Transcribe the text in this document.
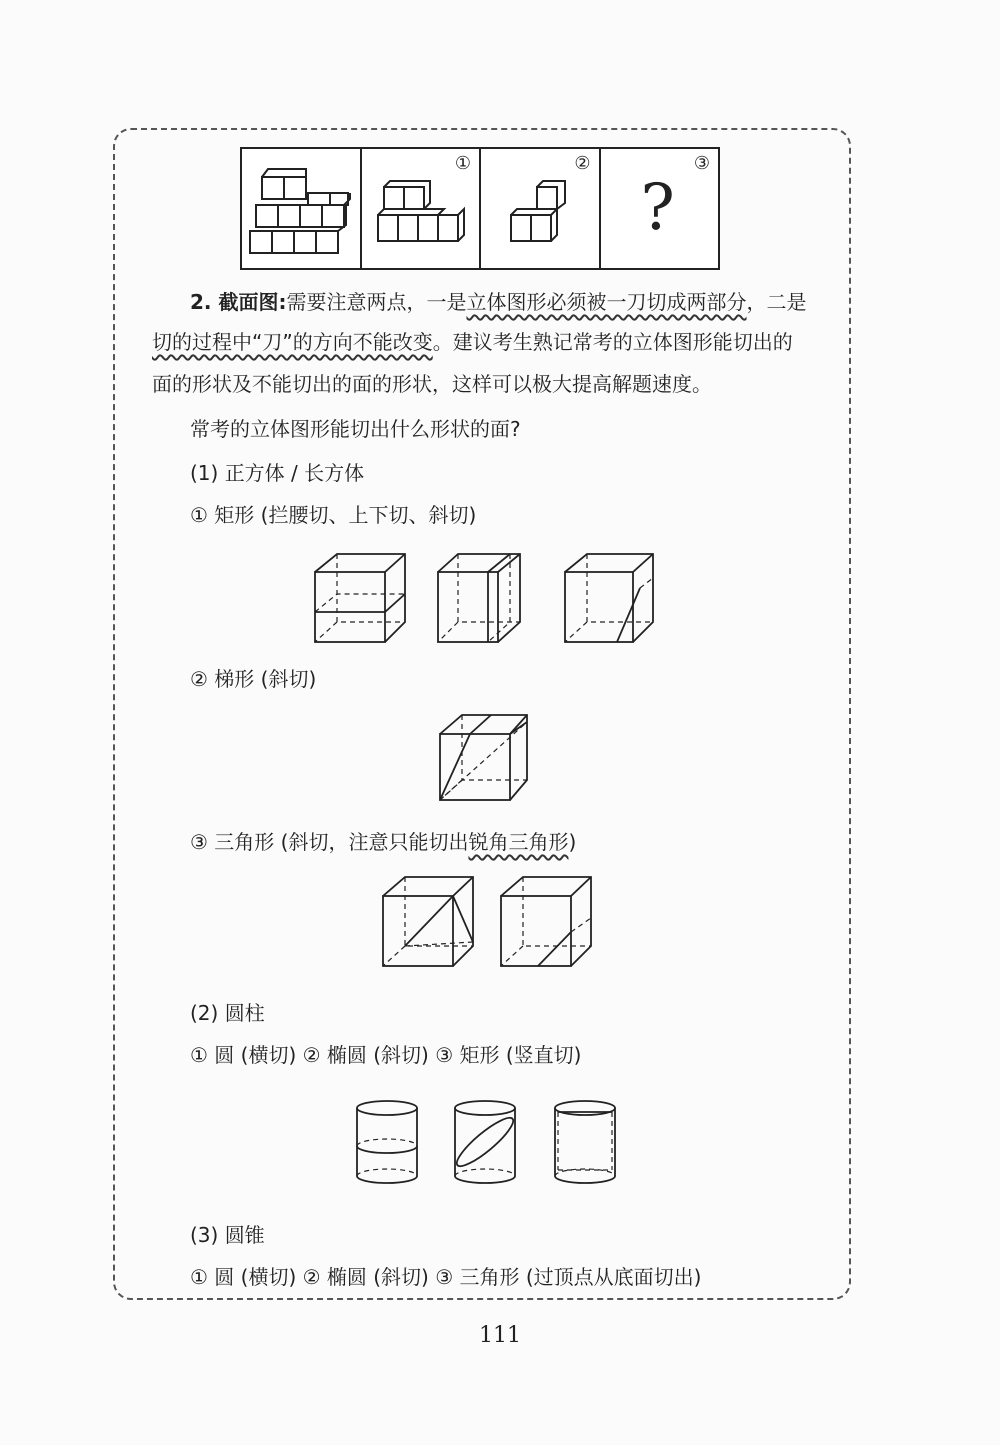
①	②	③
?
2. 截面图:需要注意两点，一是立体图形必须被一刀切成两部分，二是
切的过程中“刀”的方向不能改变。建议考生熟记常考的立体图形能切出的
面的形状及不能切出的面的形状，这样可以极大提高解题速度。
常考的立体图形能切出什么形状的面?
(1) 正方体 / 长方体
① 矩形 (拦腰切、上下切、斜切)
② 梯形 (斜切)
③ 三角形 (斜切，注意只能切出锐角三角形)
(2) 圆柱
① 圆 (横切) ② 椭圆 (斜切) ③ 矩形 (竖直切)
(3) 圆锥
① 圆 (横切) ② 椭圆 (斜切) ③ 三角形 (过顶点从底面切出)
111
